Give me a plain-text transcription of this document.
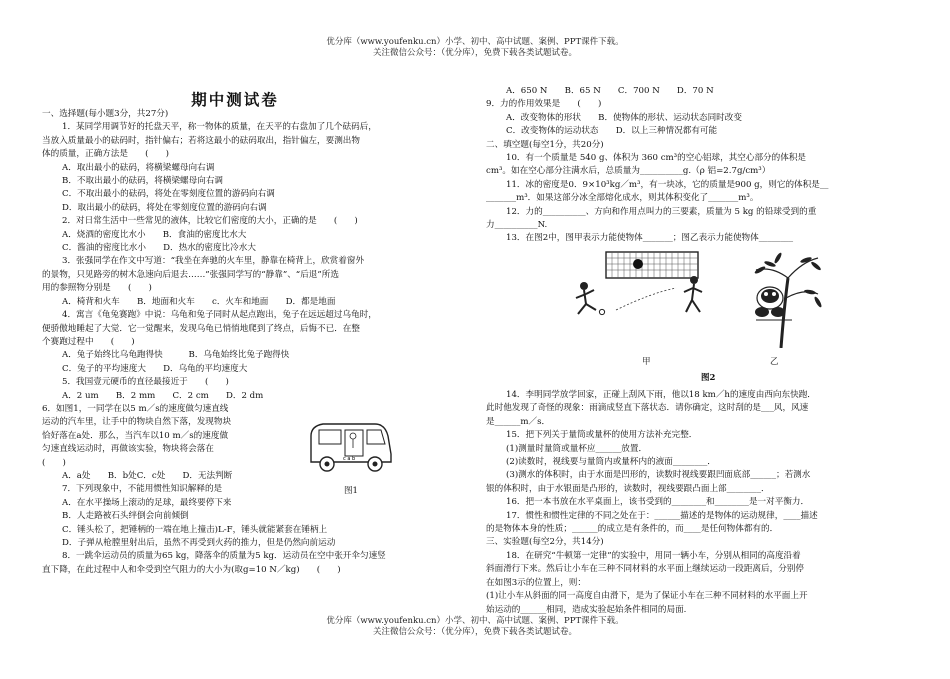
优分库（www.youfenku.cn）小学、初中、高中试题、案例、PPT课件下载。
关注微信公众号：（优分库），免费下载各类试题试卷。
期中测试卷
一、选择题(每小题3分，共27分)
1．某同学用调节好的托盘天平，称一物体的质量，在天平的右盘加了几个砝码后，
当放入质量最小的砝码时，指针偏右；若将这最小的砝码取出，指针偏左，要测出物
体的质量，正确方法是　　(　　)
A．取出最小的砝码，将横梁螺母向右调
B．不取出最小的砝码，将横梁螺母向右调
C．不取出最小的砝码，将处在零刻度位置的游码向右调
D．取出最小的砝码，将处在零刻度位置的游码向右调
2．对日常生活中一些常见的液体，比较它们密度的大小，正确的是　　(　　)
A．烧酒的密度比水小　　B．食油的密度比水大
C．酱油的密度比水小　　D．热水的密度比冷水大
3．张强同学在作文中写道：“我坐在奔驰的火车里，静靠在椅背上，欣赏着窗外
的景物，只见路旁的树木急速向后退去……”张强同学写的“静靠”、“后退”所选
用的参照物分别是　　(　　)
A．椅背和火车　　B．地面和火车　　c．火车和地面　　D．都是地面
4．寓言《龟兔赛跑》中说：乌龟和兔子同时从起点跑出，兔子在远远超过乌龟时，
便骄傲地睡起了大觉．它一觉醒来，发现乌龟已悄悄地爬到了终点，后悔不已．在整
个赛跑过程中　　(　　)
A．兔子始终比乌龟跑得快　　　B．乌龟始终比兔子跑得快
C．兔子的平均速度大　　D．乌龟的平均速度大
5．我国壹元硬币的直径最接近于　　(　　)
A．2 um　　B．2 mm　　C．2 cm　　D．2 dm
6．如图1，一同学在以5 m／s的速度做匀速直线
运动的汽车里，让手中的物块自然下落，发现物块
恰好落在a处．那么，当汽车以10 m／s的速度做
匀速直线运动时，再做该实验，物块将会落在
(　　)
A．a处　　B．b处C．c处　　D．无法判断
7．下列现象中，不能用惯性知识解释的是
A．在水平操场上滚动的足球，最终要停下来
B．人走路被石头绊倒会向前倾倒
C．锤头松了，把锤柄的一端在地上撞击)L-F，锤头就能紧套在锤柄上
D．子弹从枪膛里射出后，虽然不再受到火药的推力，但是仍然向前运动
8．一跳伞运动员的质量为65 kg，降落伞的质量为5 kg．运动员在空中张开伞匀速竖
直下降，在此过程中人和伞受到空气阻力的大小为(取g=10 N／kg)　　(　　)
c a b
图1
A．650 N　　B．65 N　　C．700 N　　D．70 N
9．力的作用效果是　　(　　)
A．改变物体的形状　　B．使物体的形状、运动状态同时改变
C．改变物体的运动状态　　D．以上三种情况都有可能
二、填空题(每空1分，共20分)
10．有一个质量是 540 g、体积为 360 cm³的空心铝球，其空心部分的体积是
cm³。如在空心部分注满水后，总质量为__________g.（ρ 铝=2.7g/cm³）
11．冰的密度是0．9×10³kg／m³，有一块冰，它的质量是900 g，则它的体积是__
_______m³．如果这部分冰全部熔化成水，则其体积变化了_______m³。
12．力的__________、方向和作用点叫力的三要素，质量为 5 kg 的铅球受到的重
力__________N.
13．在图2中，图甲表示力能使物体_______；图乙表示力能使物体________
甲	乙
图2
14．李明同学放学回家，正碰上刮风下雨，他以18 km／h的速度由西向东快跑．
此时他发现了奇怪的现象：雨滴成竖直下落状态．请你确定，这时刮的是___风，风速
是______m／s．
15．把下列关于量筒或量杯的使用方法补充完整．
(1)测量时量筒或量杯应______放置．
(2)读数时，视线要与量筒内或量杯内的液面________．
(3)测水的体积时，由于水面是凹形的，读数时视线要跟凹面底部______；若测水
银的体积时，由于水银面是凸形的，读数时，视线要跟凸面上部________．
16．把一本书放在水平桌面上，该书受到的________和________是一对平衡力．
17．惯性和惯性定律的不同之处在于：______描述的是物体的运动规律，____描述
的是物体本身的性质；______的成立是有条件的，而____是任何物体都有的．
三、实验题(每空2分，共14分)
18．在研究“牛顿第一定律”的实验中，用同一辆小车，分别从相同的高度沿着
斜面滑行下来。然后让小车在三种不同材料的水平面上继续运动一段距离后，分别停
在如图3示的位置上，则：
(1)让小车从斜面的同一高度自由滑下，是为了保证小车在三种不同材料的水平面上开
始运动的______相同，造成实验起始条件相同的局面.
优分库（www.youfenku.cn）小学、初中、高中试题、案例、PPT课件下载。
关注微信公众号：（优分库），免费下载各类试题试卷。
